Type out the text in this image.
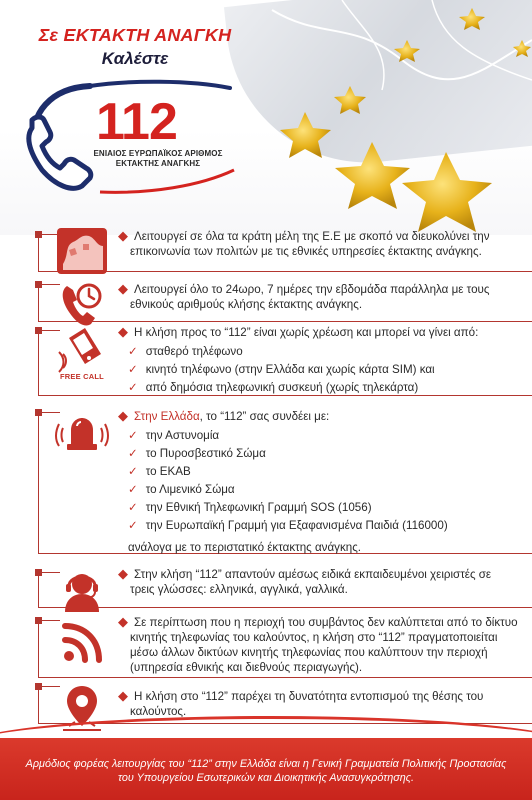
Σε ΕΚΤΑΚΤΗ ΑΝΑΓΚΗ
Καλέστε
112
ΕΝΙΑΙΟΣ ΕΥΡΩΠΑΪΚΟΣ ΑΡΙΘΜΟΣ
ΕΚΤΑΚΤΗΣ ΑΝΑΓΚΗΣ

◆ Λειτουργεί σε όλα τα κράτη μέλη της Ε.Ε με σκοπό να διευκολύνει την επικοινωνία των πολιτών με τις εθνικές υπηρεσίες έκτακτης ανάγκης.

◆ Λειτουργεί όλο το 24ωρο, 7 ημέρες την εβδομάδα παράλληλα με τους εθνικούς αριθμούς κλήσης έκτακτης ανάγκης.

FREE CALL

◆ Η κλήση προς το “112” είναι χωρίς χρέωση και μπορεί να γίνει από:

✓ σταθερό τηλέφωνο
✓ κινητό τηλέφωνο (στην Ελλάδα και χωρίς κάρτα SIM) και
✓ από δημόσια τηλεφωνική συσκευή (χωρίς τηλεκάρτα)

◆ Στην Ελλάδα, το “112” σας συνδέει με:

✓ την Αστυνομία
✓ το Πυροσβεστικό Σώμα
✓ το ΕΚΑΒ
✓ το Λιμενικό Σώμα
✓ την Εθνική Τηλεφωνική Γραμμή SOS (1056)
✓ την Ευρωπαϊκή Γραμμή για Εξαφανισμένα Παιδιά (116000)

ανάλογα με το περιστατικό έκτακτης ανάγκης.

◆ Στην κλήση “112” απαντούν αμέσως ειδικά εκπαιδευμένοι χειριστές σε τρεις γλώσσες: ελληνικά, αγγλικά, γαλλικά.

◆ Σε περίπτωση που η περιοχή του συμβάντος δεν καλύπτεται από το δίκτυο κινητής τηλεφωνίας του καλούντος, η κλήση στο “112” πραγματοποιείται μέσω άλλων δικτύων κινητής τηλεφωνίας που καλύπτουν την περιοχή (υπηρεσία εθνικής και διεθνούς περιαγωγής).

◆ Η κλήση στο “112” παρέχει τη δυνατότητα εντοπισμού της θέσης του καλούντος.

Αρμόδιος φορέας λειτουργίας του “112” στην Ελλάδα είναι η Γενική Γραμματεία Πολιτικής Προστασίας του Υπουργείου Εσωτερικών και Διοικητικής Ανασυγκρότησης.
